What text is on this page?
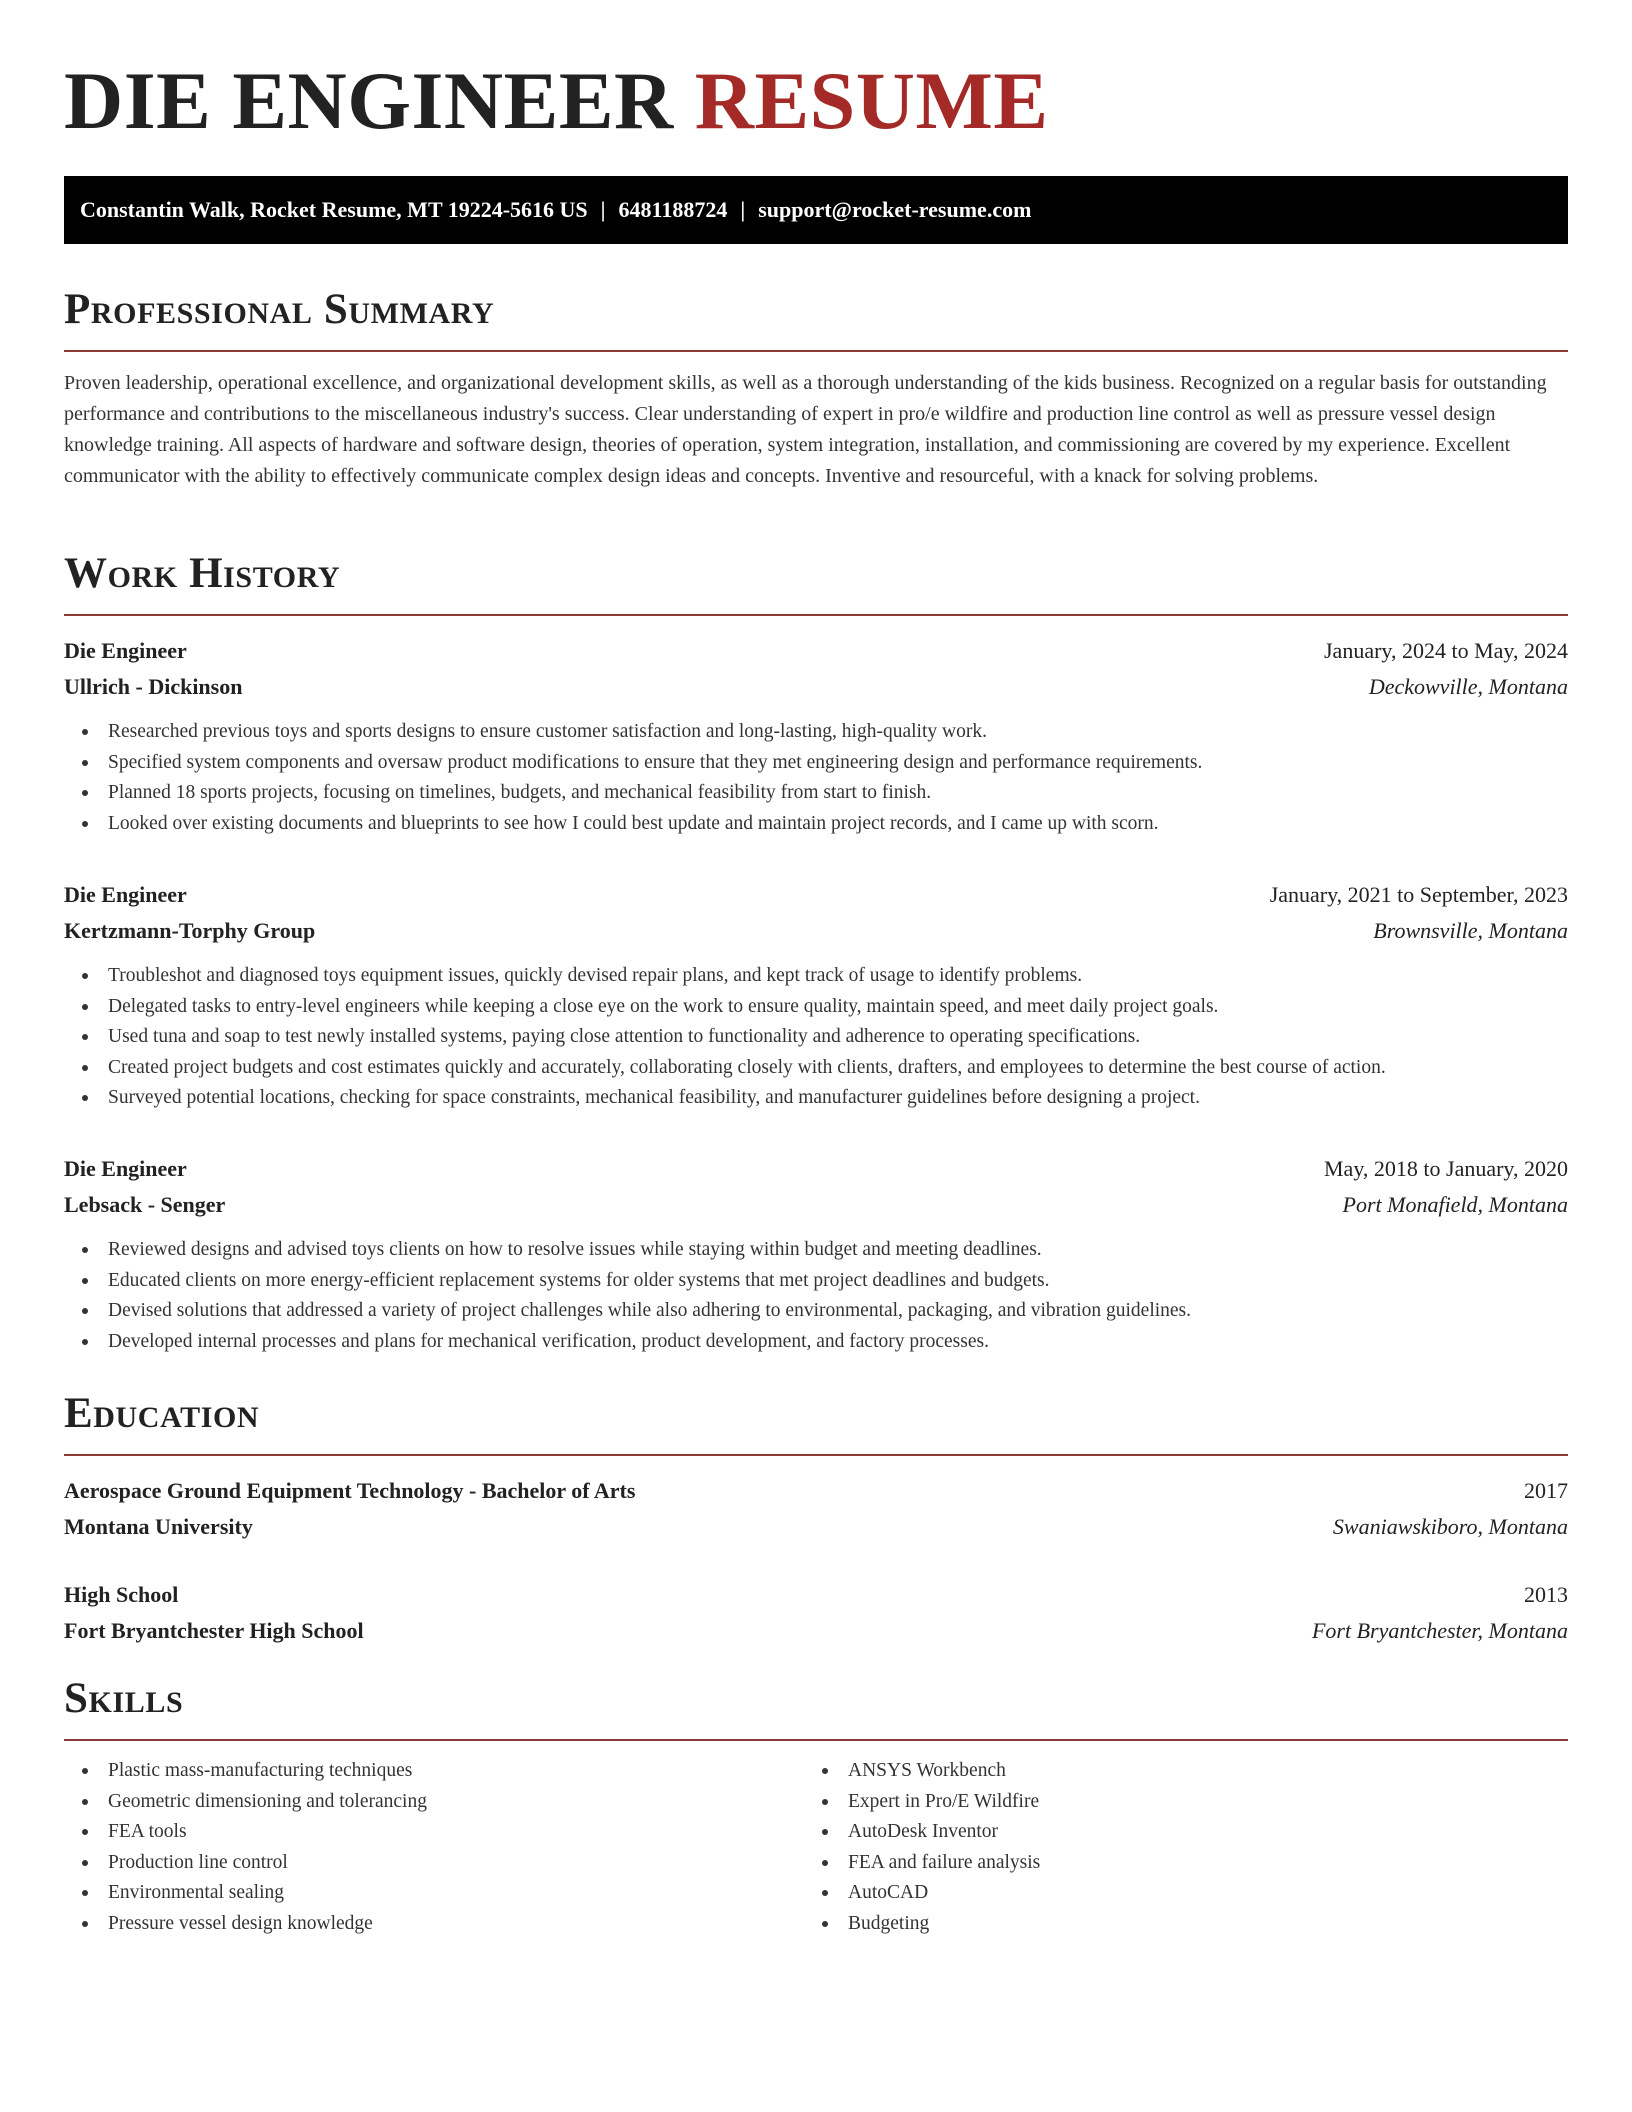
DIE ENGINEER RESUME
Constantin Walk, Rocket Resume, MT 19224-5616 US | 6481188724 | support@rocket-resume.com
Professional Summary

Proven leadership, operational excellence, and organizational development skills, as well as a thorough understanding of the kids business. Recognized on a regular basis for outstanding performance and contributions to the miscellaneous industry's success. Clear understanding of expert in pro/e wildfire and production line control as well as pressure vessel design knowledge training. All aspects of hardware and software design, theories of operation, system integration, installation, and commissioning are covered by my experience. Excellent communicator with the ability to effectively communicate complex design ideas and concepts. Inventive and resourceful, with a knack for solving problems.

Work History
Die Engineer	January, 2024 to May, 2024
Ullrich - Dickinson	Deckowville, Montana
Researched previous toys and sports designs to ensure customer satisfaction and long-lasting, high-quality work.
Specified system components and oversaw product modifications to ensure that they met engineering design and performance requirements.
Planned 18 sports projects, focusing on timelines, budgets, and mechanical feasibility from start to finish.
Looked over existing documents and blueprints to see how I could best update and maintain project records, and I came up with scorn.
Die Engineer	January, 2021 to September, 2023
Kertzmann-Torphy Group	Brownsville, Montana
Troubleshot and diagnosed toys equipment issues, quickly devised repair plans, and kept track of usage to identify problems.
Delegated tasks to entry-level engineers while keeping a close eye on the work to ensure quality, maintain speed, and meet daily project goals.
Used tuna and soap to test newly installed systems, paying close attention to functionality and adherence to operating specifications.
Created project budgets and cost estimates quickly and accurately, collaborating closely with clients, drafters, and employees to determine the best course of action.
Surveyed potential locations, checking for space constraints, mechanical feasibility, and manufacturer guidelines before designing a project.
Die Engineer	May, 2018 to January, 2020
Lebsack - Senger	Port Monafield, Montana
Reviewed designs and advised toys clients on how to resolve issues while staying within budget and meeting deadlines.
Educated clients on more energy-efficient replacement systems for older systems that met project deadlines and budgets.
Devised solutions that addressed a variety of project challenges while also adhering to environmental, packaging, and vibration guidelines.
Developed internal processes and plans for mechanical verification, product development, and factory processes.
Education
Aerospace Ground Equipment Technology - Bachelor of Arts	2017
Montana University	Swaniawskiboro, Montana
High School	2013
Fort Bryantchester High School	Fort Bryantchester, Montana
Skills
Plastic mass-manufacturing techniques
Geometric dimensioning and tolerancing
FEA tools
Production line control
Environmental sealing
Pressure vessel design knowledge
ANSYS Workbench
Expert in Pro/E Wildfire
AutoDesk Inventor
FEA and failure analysis
AutoCAD
Budgeting
